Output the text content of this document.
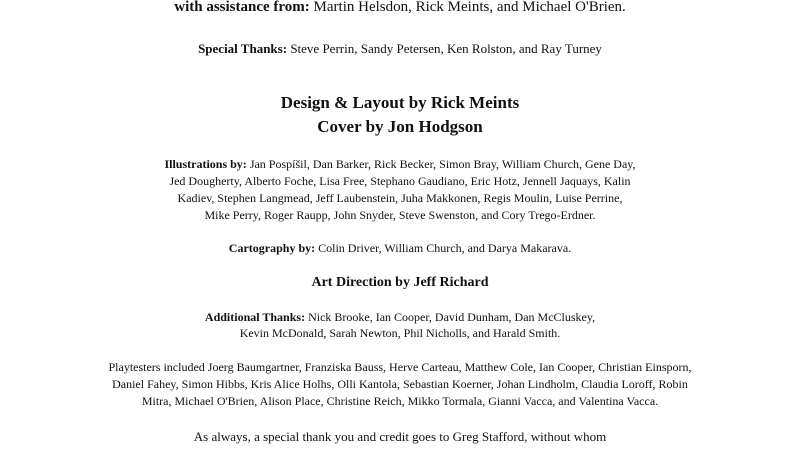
with assistance from: Martin Helsdon, Rick Meints, and Michael O'Brien.
Special Thanks: Steve Perrin, Sandy Petersen, Ken Rolston, and Ray Turney
Design & Layout by Rick Meints
Cover by Jon Hodgson
Illustrations by: Jan Pospíšil, Dan Barker, Rick Becker, Simon Bray, William Church, Gene Day,
Jed Dougherty, Alberto Foche, Lisa Free, Stephano Gaudiano, Eric Hotz, Jennell Jaquays, Kalin
Kadiev, Stephen Langmead, Jeff Laubenstein, Juha Makkonen, Regis Moulin, Luise Perrine,
Mike Perry, Roger Raupp, John Snyder, Steve Swenston, and Cory Trego-Erdner.
Cartography by: Colin Driver, William Church, and Darya Makarava.
Art Direction by Jeff Richard
Additional Thanks: Nick Brooke, Ian Cooper, David Dunham, Dan McCluskey,
Kevin McDonald, Sarah Newton, Phil Nicholls, and Harald Smith.
Playtesters included Joerg Baumgartner, Franziska Bauss, Herve Carteau, Matthew Cole, Ian Cooper, Christian Einsporn,
Daniel Fahey, Simon Hibbs, Kris Alice Holhs, Olli Kantola, Sebastian Koerner, Johan Lindholm, Claudia Loroff, Robin
Mitra, Michael O'Brien, Alison Place, Christine Reich, Mikko Tormala, Gianni Vacca, and Valentina Vacca.
As always, a special thank you and credit goes to Greg Stafford, without whom
